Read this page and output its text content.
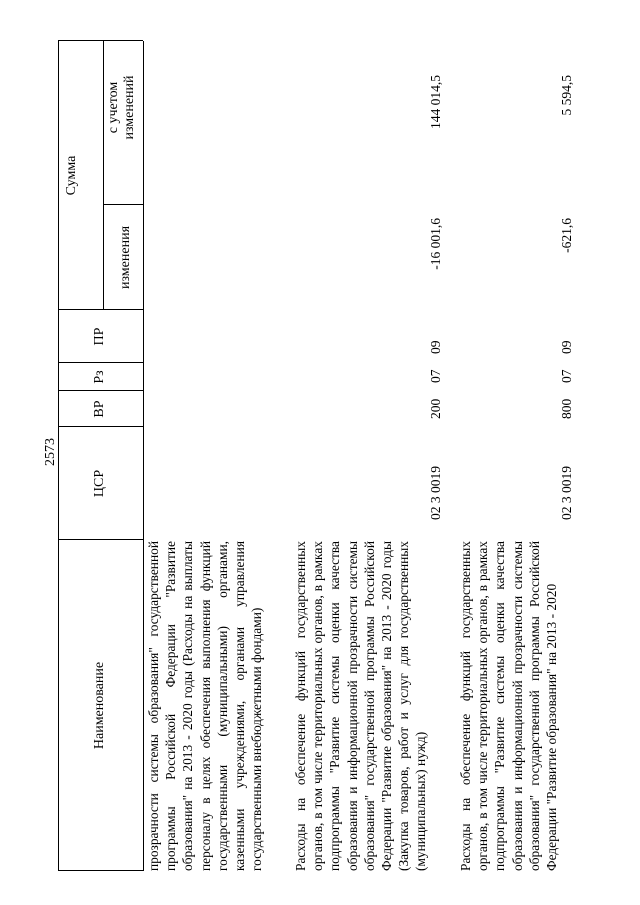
2573
Наименование
ЦСР
ВР
Рз
ПР
Сумма
изменения
с учетом изменений

прозрачности системы образования" государственной программы Российской Федерации "Развитие образования" на 2013 - 2020 годы (Расходы на выплаты персоналу в целях обеспечения выполнения функций государственными (муниципальными) органами, казенными учреждениями, органами управления государственными внебюджетными фондами) Расходы на обеспечение функций государственных органов, в том числе территориальных органов, в рамках подпрограммы "Развитие системы оценки качества образования и информационной прозрачности системы образования" государственной программы Российской Федерации "Развитие образования" на 2013 - 2020 годы (Закупка товаров, работ и услуг для государственных (муниципальных) нужд)

02 3 0019
200
07
09
-16 001,6
144 014,5

Расходы на обеспечение функций государственных органов, в том числе территориальных органов, в рамках подпрограммы "Развитие системы оценки качества образования и информационной прозрачности системы образования" государственной программы Российской Федерации "Развитие образования" на 2013 - 2020

02 3 0019
800
07
09
-621,6
5 594,5
